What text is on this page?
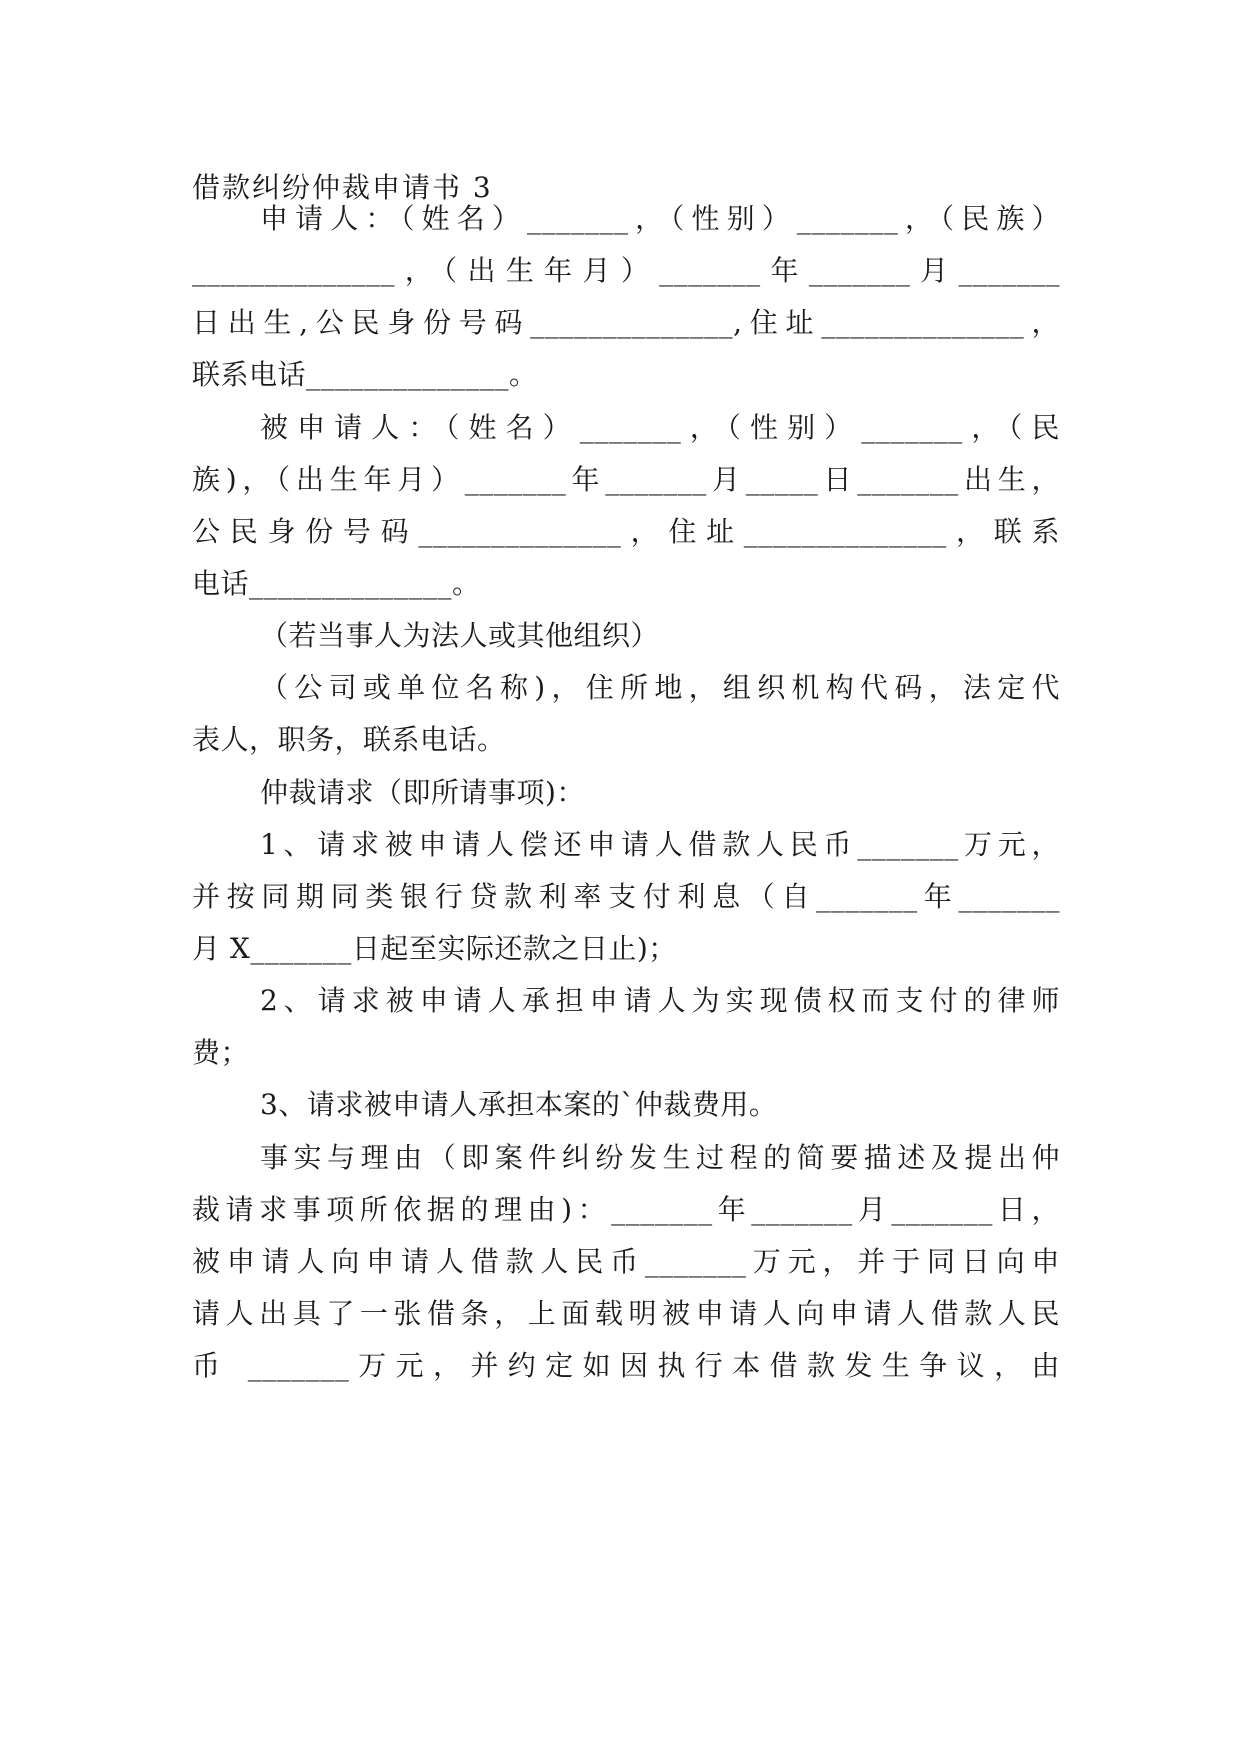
借款纠纷仲裁申请书 3
申请人：（姓名）_______，（性别）_______，（民族）
______________，（出生年月）_______年_______月_______
日出生,公民身份号码______________,住址______________，
联系电话______________。
被申请人：（姓名）_______，（性别）_______，（民
族)，（出生年月）_______年_______月_____日_______出生，
公民身份号码______________，住址______________，联系
电话______________。
（若当事人为法人或其他组织）
（公司或单位名称)，住所地，组织机构代码，法定代
表人，职务，联系电话。
仲裁请求（即所请事项)：
1、请求被申请人偿还申请人借款人民币_______万元，
并按同期同类银行贷款利率支付利息（自_______年_______
月 X_______日起至实际还款之日止)；
2、请求被申请人承担申请人为实现债权而支付的律师
费；
3、请求被申请人承担本案的`仲裁费用。
事实与理由（即案件纠纷发生过程的简要描述及提出仲
裁请求事项所依据的理由)：_______年_______月_______日，
被申请人向申请人借款人民币_______万元，并于同日向申
请人出具了一张借条，上面载明被申请人向申请人借款人民
币 _______万元，并约定如因执行本借款发生争议，由
